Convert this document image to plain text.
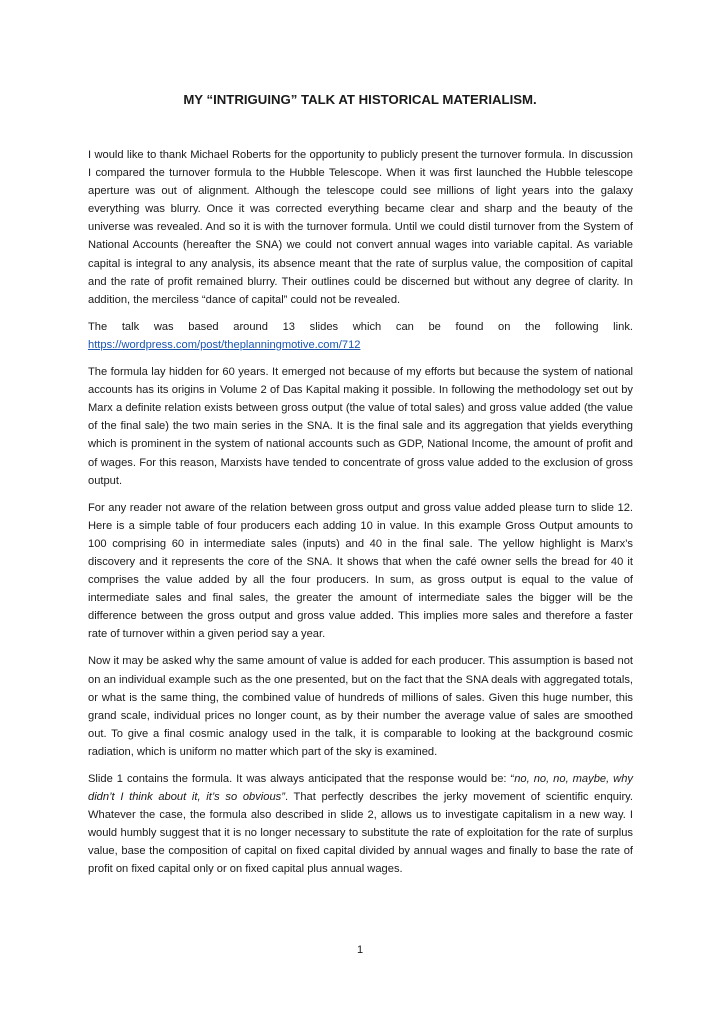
MY “INTRIGUING” TALK AT HISTORICAL MATERIALISM.

I would like to thank Michael Roberts for the opportunity to publicly present the turnover formula. In discussion I compared the turnover formula to the Hubble Telescope. When it was first launched the Hubble telescope aperture was out of alignment. Although the telescope could see millions of light years into the galaxy everything was blurry. Once it was corrected everything became clear and sharp and the beauty of the universe was revealed. And so it is with the turnover formula. Until we could distil turnover from the System of National Accounts (hereafter the SNA) we could not convert annual wages into variable capital. As variable capital is integral to any analysis, its absence meant that the rate of surplus value, the composition of capital and the rate of profit remained blurry. Their outlines could be discerned but without any degree of clarity. In addition, the merciless “dance of capital” could not be revealed.

The talk was based around 13 slides which can be found on the following link.
https://wordpress.com/post/theplanningmotive.com/712

The formula lay hidden for 60 years. It emerged not because of my efforts but because the system of national accounts has its origins in Volume 2 of Das Kapital making it possible. In following the methodology set out by Marx a definite relation exists between gross output (the value of total sales) and gross value added (the value of the final sale) the two main series in the SNA. It is the final sale and its aggregation that yields everything which is prominent in the system of national accounts such as GDP, National Income, the amount of profit and of wages. For this reason, Marxists have tended to concentrate of gross value added to the exclusion of gross output.

For any reader not aware of the relation between gross output and gross value added please turn to slide 12. Here is a simple table of four producers each adding 10 in value. In this example Gross Output amounts to 100 comprising 60 in intermediate sales (inputs) and 40 in the final sale. The yellow highlight is Marx’s discovery and it represents the core of the SNA. It shows that when the café owner sells the bread for 40 it comprises the value added by all the four producers. In sum, as gross output is equal to the value of intermediate sales and final sales, the greater the amount of intermediate sales the bigger will be the difference between the gross output and gross value added. This implies more sales and therefore a faster rate of turnover within a given period say a year.

Now it may be asked why the same amount of value is added for each producer. This assumption is based not on an individual example such as the one presented, but on the fact that the SNA deals with aggregated totals, or what is the same thing, the combined value of hundreds of millions of sales. Given this huge number, this grand scale, individual prices no longer count, as by their number the average value of sales are smoothed out. To give a final cosmic analogy used in the talk, it is comparable to looking at the background cosmic radiation, which is uniform no matter which part of the sky is examined.

Slide 1 contains the formula. It was always anticipated that the response would be: “no, no, no, maybe, why didn’t I think about it, it’s so obvious”. That perfectly describes the jerky movement of scientific enquiry. Whatever the case, the formula also described in slide 2, allows us to investigate capitalism in a new way. I would humbly suggest that it is no longer necessary to substitute the rate of exploitation for the rate of surplus value, base the composition of capital on fixed capital divided by annual wages and finally to base the rate of profit on fixed capital only or on fixed capital plus annual wages.

1
